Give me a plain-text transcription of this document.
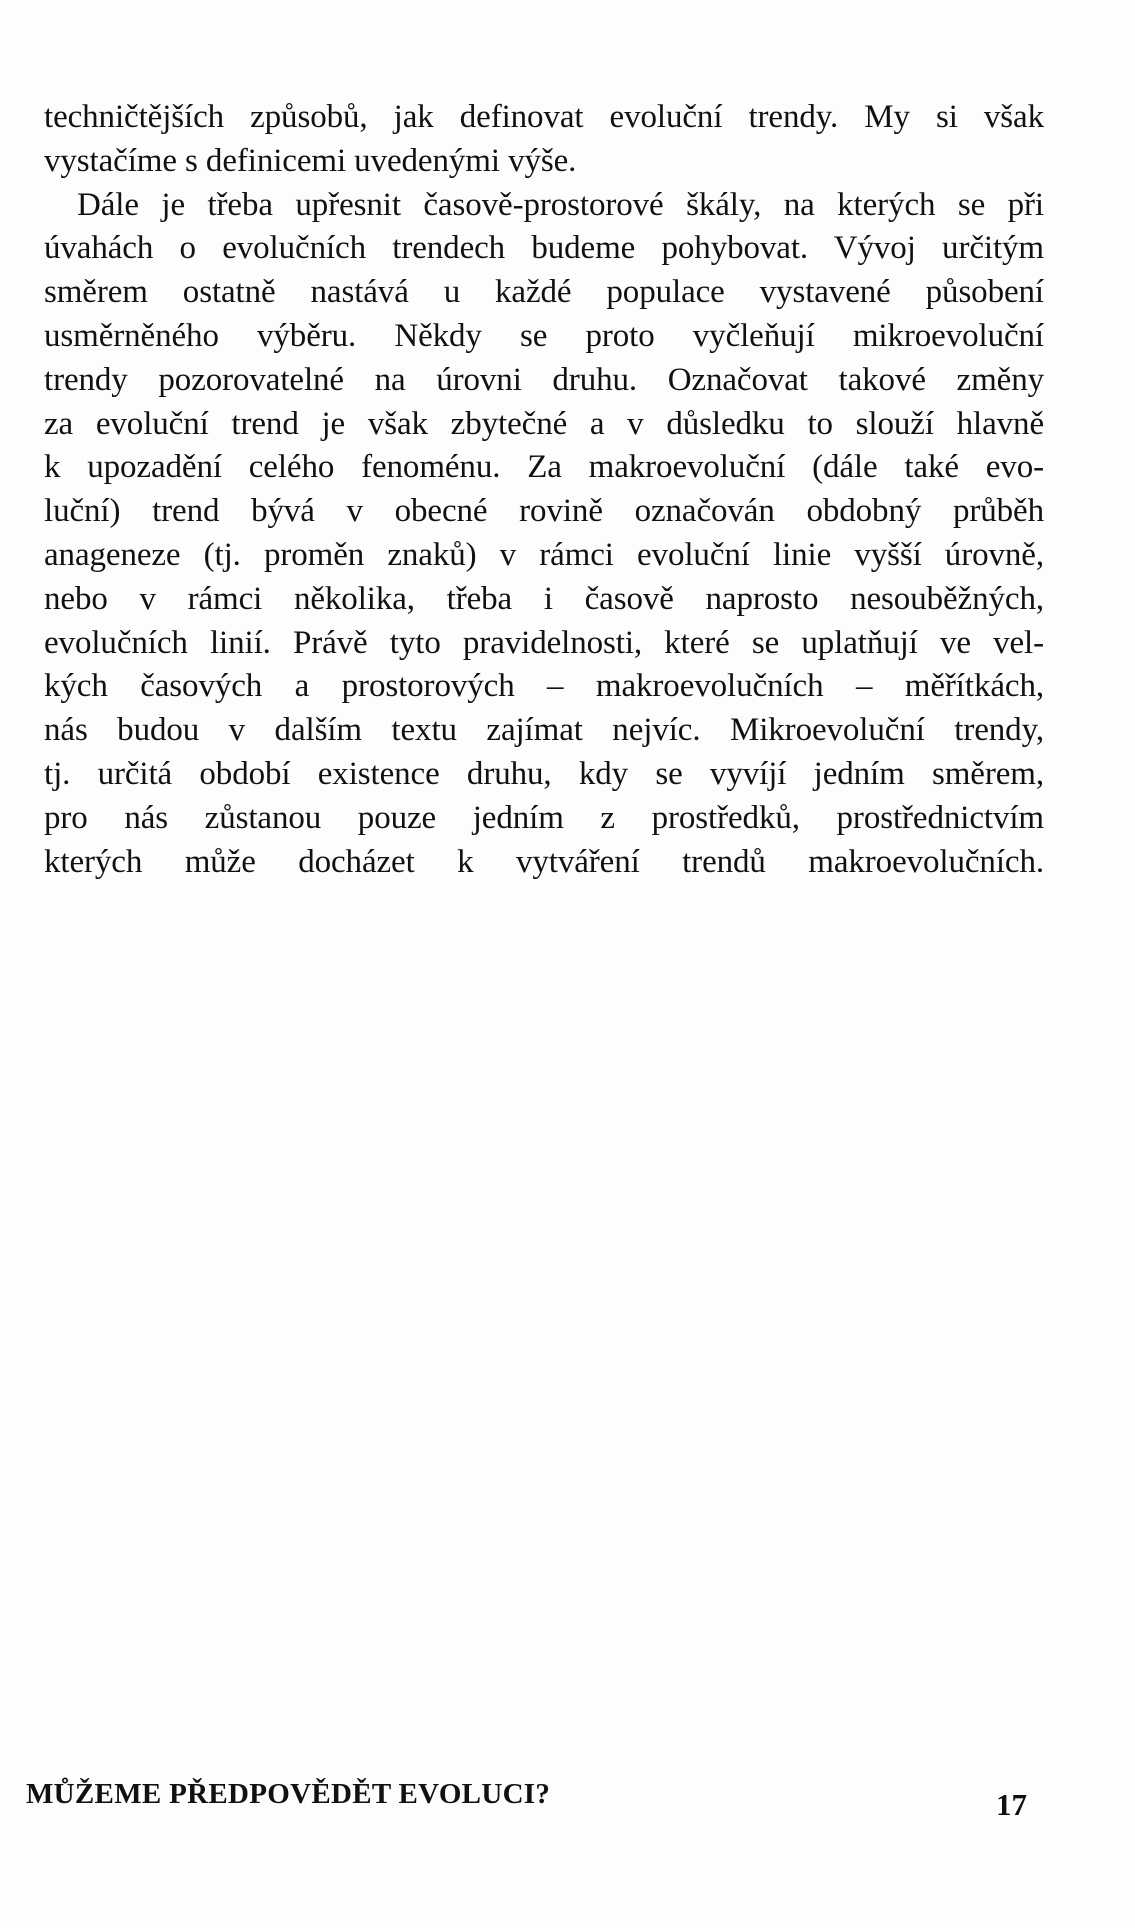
techničtějších způsobů, jak definovat evoluční trendy. My si však
vystačíme s definicemi uvedenými výše.
Dále je třeba upřesnit časově-prostorové škály, na kterých se při
úvahách o evolučních trendech budeme pohybovat. Vývoj určitým
směrem ostatně nastává u každé populace vystavené působení
usměrněného výběru. Někdy se proto vyčleňují mikroevoluční
trendy pozorovatelné na úrovni druhu. Označovat takové změny
za evoluční trend je však zbytečné a v důsledku to slouží hlavně
k upozadění celého fenoménu. Za makroevoluční (dále také evo-
luční) trend bývá v obecné rovině označován obdobný průběh
anageneze (tj. proměn znaků) v rámci evoluční linie vyšší úrovně,
nebo v rámci několika, třeba i časově naprosto nesouběžných,
evolučních linií. Právě tyto pravidelnosti, které se uplatňují ve vel-
kých časových a prostorových – makroevolučních – měřítkách,
nás budou v dalším textu zajímat nejvíc. Mikroevoluční trendy,
tj. určitá období existence druhu, kdy se vyvíjí jedním směrem,
pro nás zůstanou pouze jedním z prostředků, prostřednictvím
kterých může docházet k vytváření trendů makroevolučních.
MŮŽEME PŘEDPOVĚDĚT EVOLUCI?	17
